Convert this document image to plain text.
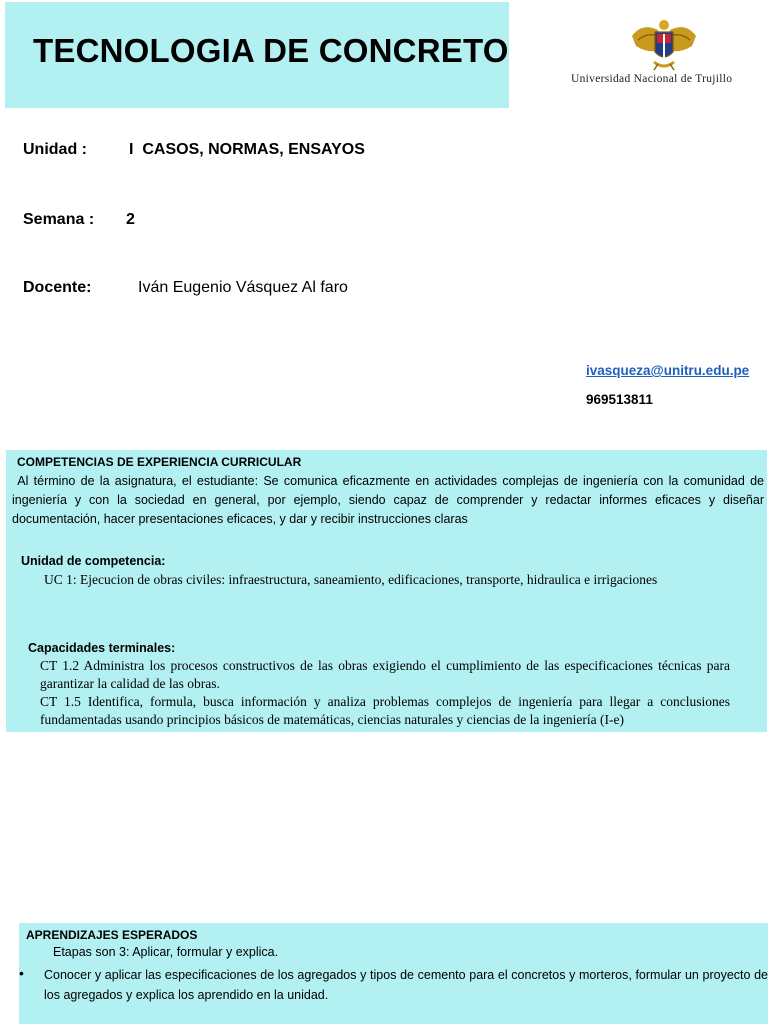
TECNOLOGIA DE CONCRETO
Universidad Nacional de Trujillo
Unidad :	I  CASOS, NORMAS, ENSAYOS
Semana : 2
Docente:	Iván Eugenio Vásquez Al faro
ivasqueza@unitru.edu.pe
969513811
COMPETENCIAS DE EXPERIENCIA CURRICULAR
Al término de la asignatura, el estudiante: Se comunica eficazmente en actividades complejas de ingeniería con la comunidad de ingeniería y con la sociedad en general, por ejemplo, siendo capaz de comprender y redactar informes eficaces y diseñar documentación, hacer presentaciones eficaces, y dar y recibir instrucciones claras
Unidad de competencia:
UC 1: Ejecucion de obras civiles: infraestructura, saneamiento, edificaciones, transporte, hidraulica e irrigaciones
Capacidades terminales:
CT 1.2 Administra los procesos constructivos de las obras exigiendo el cumplimiento de las especificaciones técnicas para garantizar la calidad de las obras.
CT 1.5 Identifica, formula, busca información y analiza problemas complejos de ingeniería para llegar a conclusiones fundamentadas usando principios básicos de matemáticas, ciencias naturales y ciencias de la ingeniería (I-e)
APRENDIZAJES ESPERADOS
Etapas son 3: Aplicar, formular y explica.
• Conocer y aplicar las especificaciones de los agregados y tipos de cemento para el concretos y morteros, formular un proyecto de los agregados y explica los aprendido en la unidad.
